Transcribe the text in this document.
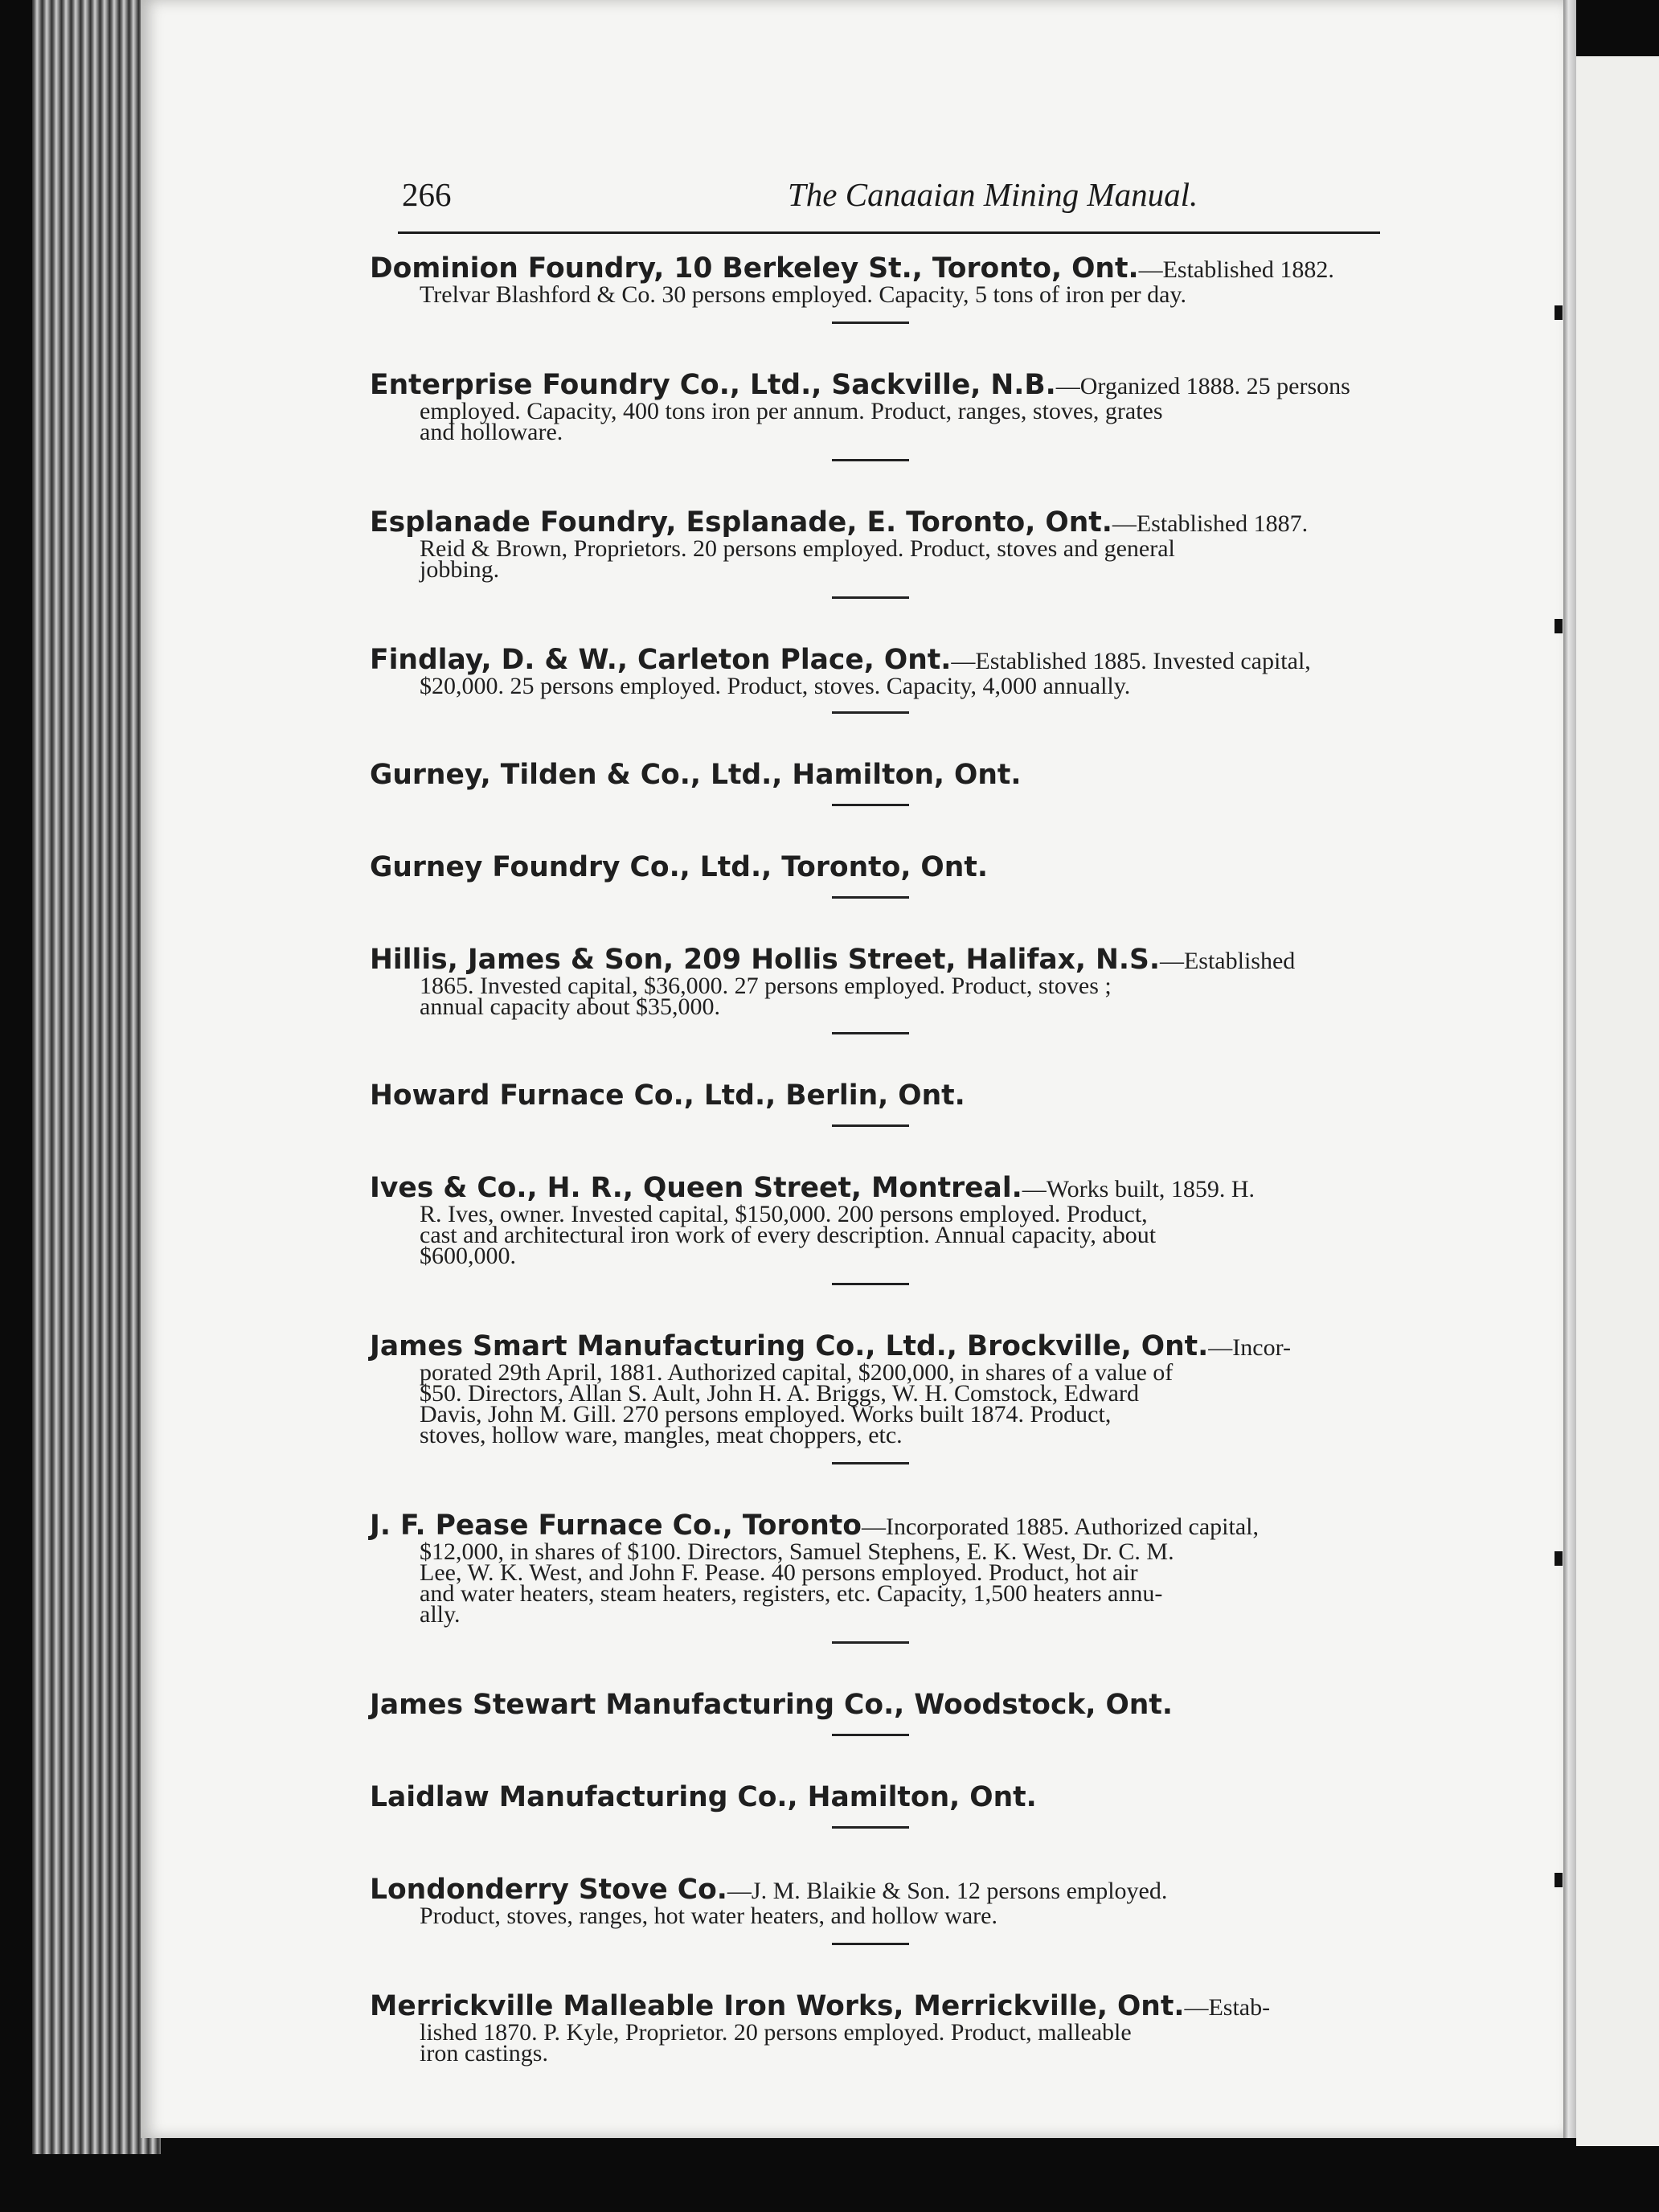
266	The Canaaian Mining Manual.
Dominion Foundry, 10 Berkeley St., Toronto, Ont.—Established 1882.
Trelvar Blashford & Co. 30 persons employed. Capacity, 5 tons of iron per day.
Enterprise Foundry Co., Ltd., Sackville, N.B.—Organized 1888. 25 persons
employed. Capacity, 400 tons iron per annum. Product, ranges, stoves, grates
and holloware.
Esplanade Foundry, Esplanade, E. Toronto, Ont.—Established 1887.
Reid & Brown, Proprietors. 20 persons employed. Product, stoves and general
jobbing.
Findlay, D. & W., Carleton Place, Ont.—Established 1885. Invested capital,
$20,000. 25 persons employed. Product, stoves. Capacity, 4,000 annually.
Gurney, Tilden & Co., Ltd., Hamilton, Ont.
Gurney Foundry Co., Ltd., Toronto, Ont.
Hillis, James & Son, 209 Hollis Street, Halifax, N.S.—Established
1865. Invested capital, $36,000. 27 persons employed. Product, stoves ;
annual capacity about $35,000.
Howard Furnace Co., Ltd., Berlin, Ont.
Ives & Co., H. R., Queen Street, Montreal.—Works built, 1859. H.
R. Ives, owner. Invested capital, $150,000. 200 persons employed. Product,
cast and architectural iron work of every description. Annual capacity, about
$600,000.
James Smart Manufacturing Co., Ltd., Brockville, Ont.—Incor-
porated 29th April, 1881. Authorized capital, $200,000, in shares of a value of
$50. Directors, Allan S. Ault, John H. A. Briggs, W. H. Comstock, Edward
Davis, John M. Gill. 270 persons employed. Works built 1874. Product,
stoves, hollow ware, mangles, meat choppers, etc.
J. F. Pease Furnace Co., Toronto—Incorporated 1885. Authorized capital,
$12,000, in shares of $100. Directors, Samuel Stephens, E. K. West, Dr. C. M.
Lee, W. K. West, and John F. Pease. 40 persons employed. Product, hot air
and water heaters, steam heaters, registers, etc. Capacity, 1,500 heaters annu-
ally.
James Stewart Manufacturing Co., Woodstock, Ont.
Laidlaw Manufacturing Co., Hamilton, Ont.
Londonderry Stove Co.—J. M. Blaikie & Son. 12 persons employed.
Product, stoves, ranges, hot water heaters, and hollow ware.
Merrickville Malleable Iron Works, Merrickville, Ont.—Estab-
lished 1870. P. Kyle, Proprietor. 20 persons employed. Product, malleable
iron castings.
